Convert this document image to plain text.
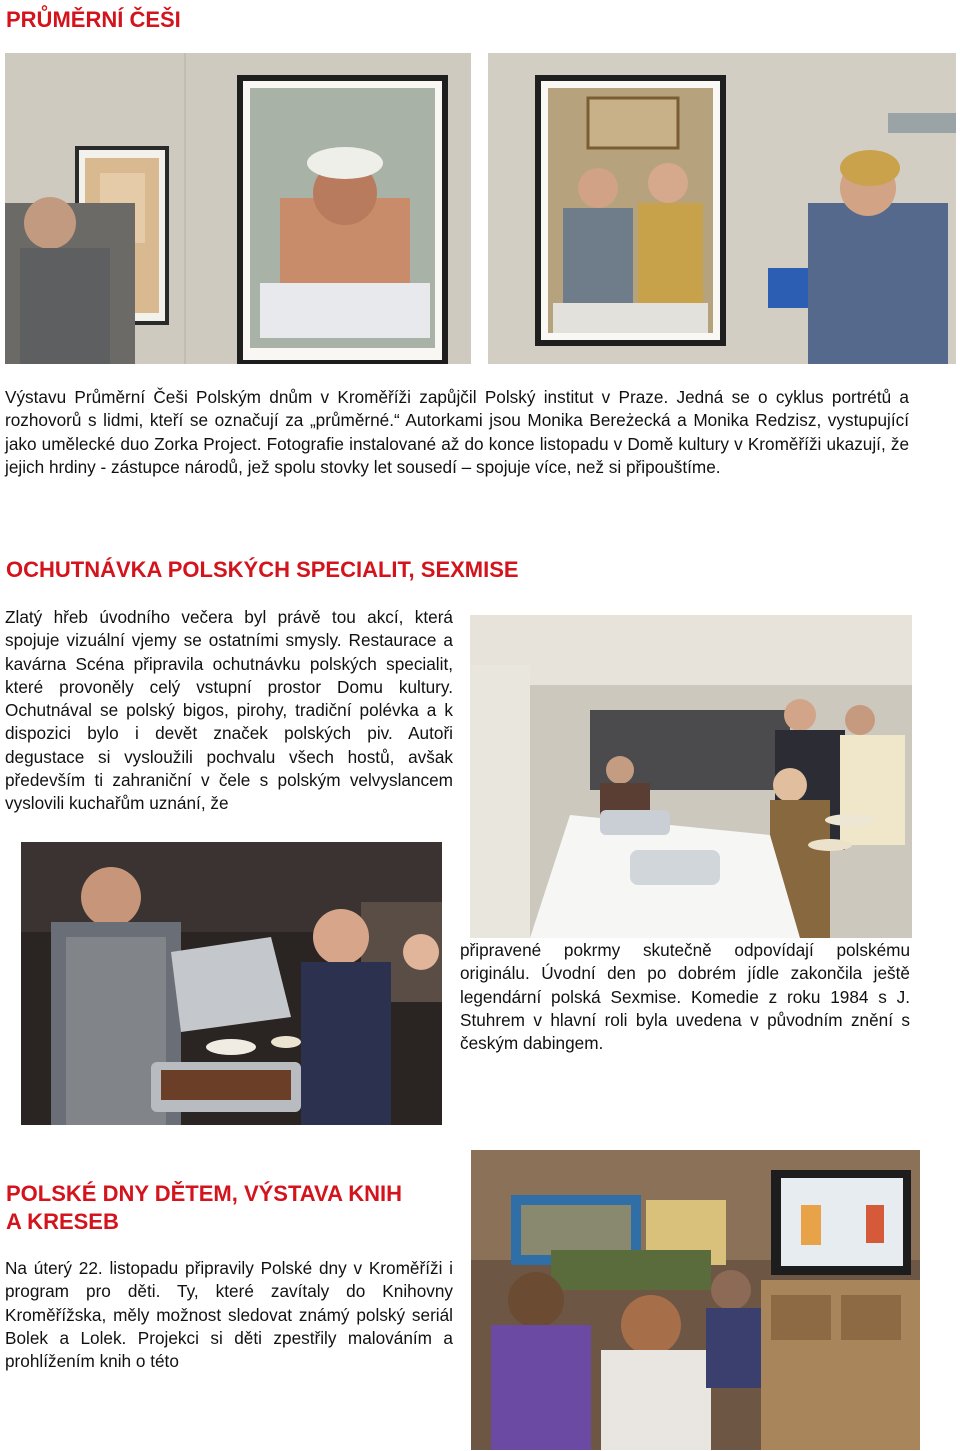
PRŮMĚRNÍ ČEŠI

Výstavu Průměrní Češi Polským dnům v Kroměříži zapůjčil Polský institut v Praze. Jedná se o cyklus portrétů a rozhovorů s lidmi, kteří se označují za „průměrné.“ Autorkami jsou Monika Bereżecká a Monika Redzisz, vystupující jako umělecké duo Zorka Project. Fotografie instalované až do konce listopadu v Domě kultury v Kroměříži ukazují, že jejich hrdiny - zástupce národů, jež spolu stovky let sousedí – spojuje více, než si připouštíme.

OCHUTNÁVKA POLSKÝCH SPECIALIT, SEXMISE

Zlatý hřeb úvodního večera byl právě tou akcí, která spojuje vizuální vjemy se ostatními smysly. Restaurace a kavárna Scéna připravila ochutnávku polských specialit, které provoněly celý vstupní prostor Domu kultury. Ochutnával se polský bigos, pirohy, tradiční polévka a k dispozici bylo i devět značek polských piv. Autoři degustace si vysloužili pochvalu všech hostů, avšak především ti zahraniční v čele s polským velvyslancem vyslovili kuchařům uznání, že

připravené pokrmy skutečně odpovídají polskému originálu. Úvodní den po dobrém jídle zakončila ještě legendární polská Sexmise. Komedie z roku 1984 s J. Stuhrem v hlavní roli byla uvedena v původním znění s českým dabingem.

POLSKÉ DNY DĚTEM, VÝSTAVA KNIH
A KRESEB

Na úterý 22. listopadu připravily Polské dny v Kroměříži i program pro děti. Ty, které zavítaly do Knihovny Kroměřížska, měly možnost sledovat známý polský seriál Bolek a Lolek. Projekci si děti zpestřily malováním a prohlížením knih o této
